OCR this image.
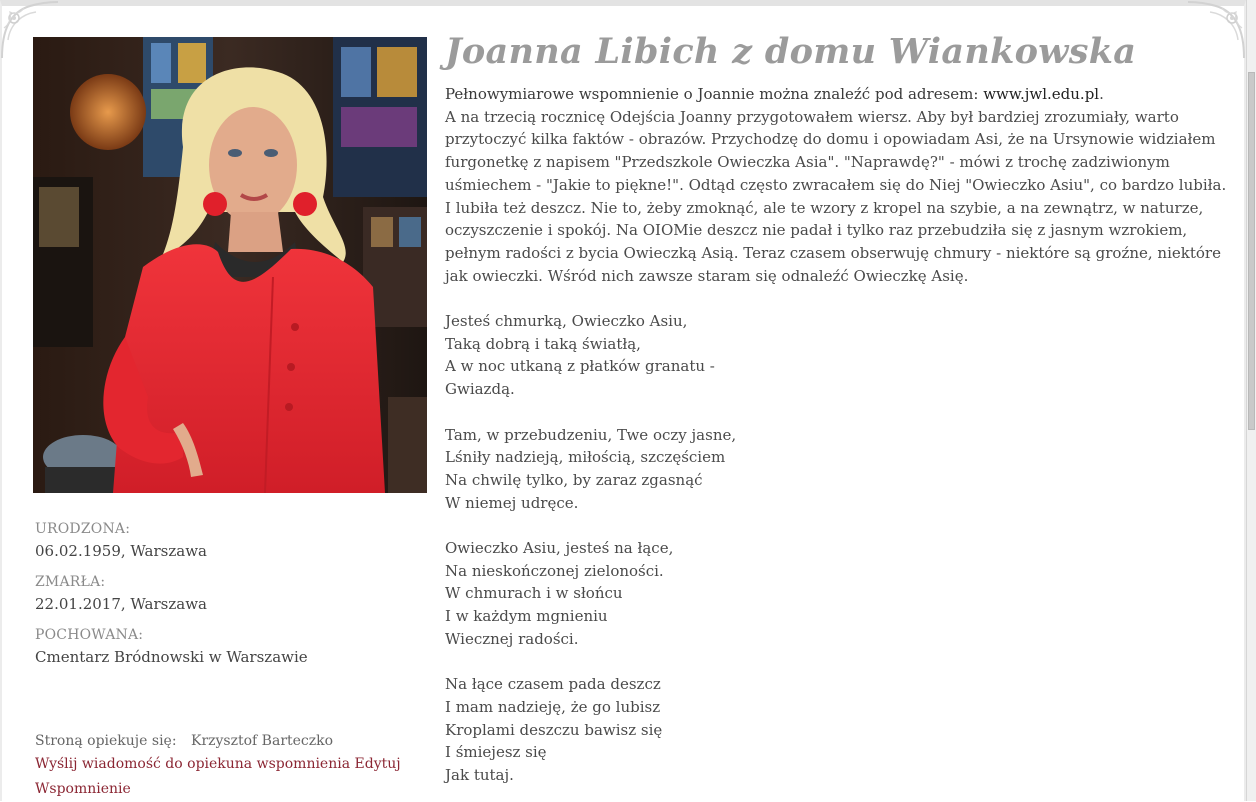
URODZONA:
06.02.1959, Warszawa
ZMARŁA:
22.01.2017, Warszawa
POCHOWANA:
Cmentarz Bródnowski w Warszawie
Stroną opiekuje się: Krzysztof Barteczko
Wyślij wiadomość do opiekuna wspomnienia Edytuj Wspomnienie
Joanna Libich z domu Wiankowska
Pełnowymiarowe wspomnienie o Joannie można znaleźć pod adresem: www.jwl.edu.pl.
A na trzecią rocznicę Odejścia Joanny przygotowałem wiersz. Aby był bardziej zrozumiały, warto przytoczyć kilka faktów - obrazów. Przychodzę do domu i opowiadam Asi, że na Ursynowie widziałem furgonetkę z napisem "Przedszkole Owieczka Asia". "Naprawdę?" - mówi z trochę zadziwionym uśmiechem - "Jakie to piękne!". Odtąd często zwracałem się do Niej "Owieczko Asiu", co bardzo lubiła. I lubiła też deszcz. Nie to, żeby zmoknąć, ale te wzory z kropel na szybie, a na zewnątrz, w naturze, oczyszczenie i spokój. Na OIOMie deszcz nie padał i tylko raz przebudziła się z jasnym wzrokiem, pełnym radości z bycia Owieczką Asią. Teraz czasem obserwuję chmury - niektóre są groźne, niektóre jak owieczki. Wśród nich zawsze staram się odnaleźć Owieczkę Asię.
Jesteś chmurką, Owieczko Asiu,
Taką dobrą i taką światłą,
A w noc utkaną z płatków granatu -
Gwiazdą.
Tam, w przebudzeniu, Twe oczy jasne,
Lśniły nadzieją, miłością, szczęściem
Na chwilę tylko, by zaraz zgasnąć
W niemej udręce.
Owieczko Asiu, jesteś na łące,
Na nieskończonej zieloności.
W chmurach i w słońcu
I w każdym mgnieniu
Wiecznej radości.
Na łące czasem pada deszcz
I mam nadzieję, że go lubisz
Kroplami deszczu bawisz się
I śmiejesz się
Jak tutaj.
